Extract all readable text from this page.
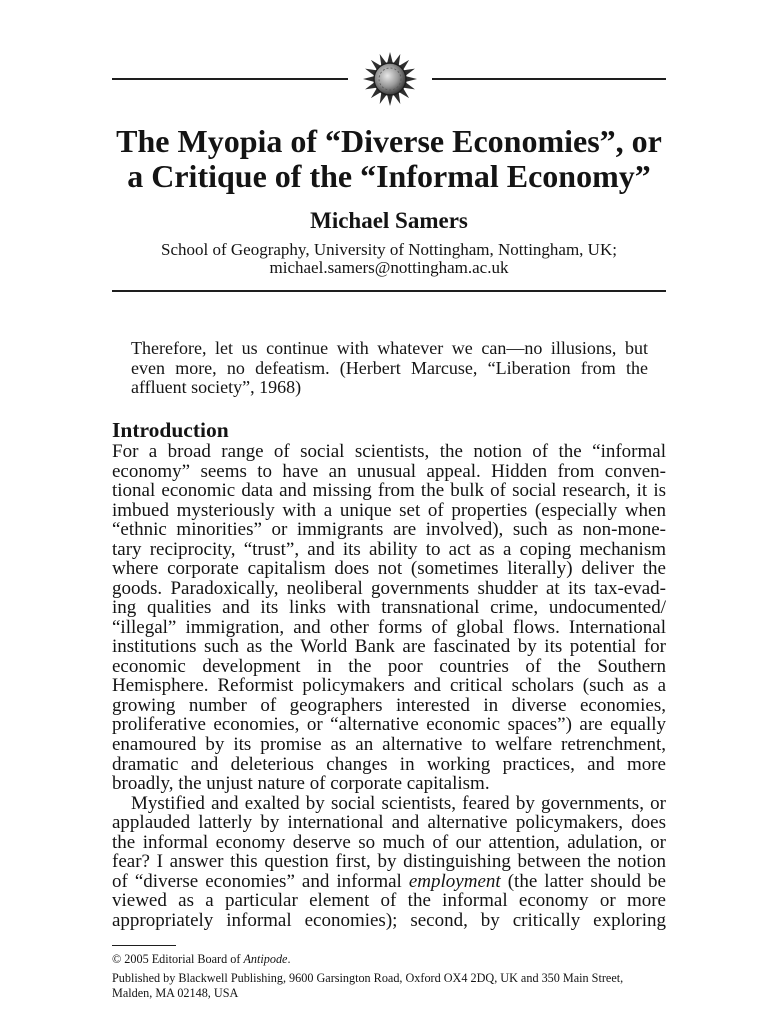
The Myopia of “Diverse Economies”, or
a Critique of the “Informal Economy”
Michael Samers
School of Geography, University of Nottingham, Nottingham, UK;
michael.samers@nottingham.ac.uk
Therefore, let us continue with whatever we can—no illusions, but
even more, no defeatism. (Herbert Marcuse, “Liberation from the
affluent society”, 1968)
Introduction
For a broad range of social scientists, the notion of the “informal
economy” seems to have an unusual appeal. Hidden from conven-
tional economic data and missing from the bulk of social research, it is
imbued mysteriously with a unique set of properties (especially when
“ethnic minorities” or immigrants are involved), such as non-mone-
tary reciprocity, “trust”, and its ability to act as a coping mechanism
where corporate capitalism does not (sometimes literally) deliver the
goods. Paradoxically, neoliberal governments shudder at its tax-evad-
ing qualities and its links with transnational crime, undocumented/
“illegal” immigration, and other forms of global flows. International
institutions such as the World Bank are fascinated by its potential for
economic development in the poor countries of the Southern
Hemisphere. Reformist policymakers and critical scholars (such as a
growing number of geographers interested in diverse economies,
proliferative economies, or “alternative economic spaces”) are equally
enamoured by its promise as an alternative to welfare retrenchment,
dramatic and deleterious changes in working practices, and more
broadly, the unjust nature of corporate capitalism.
Mystified and exalted by social scientists, feared by governments, or
applauded latterly by international and alternative policymakers, does
the informal economy deserve so much of our attention, adulation, or
fear? I answer this question first, by distinguishing between the notion
of “diverse economies” and informal employment (the latter should be
viewed as a particular element of the informal economy or more
appropriately informal economies); second, by critically exploring
© 2005 Editorial Board of Antipode.
Published by Blackwell Publishing, 9600 Garsington Road, Oxford OX4 2DQ, UK and 350 Main Street,
Malden, MA 02148, USA
